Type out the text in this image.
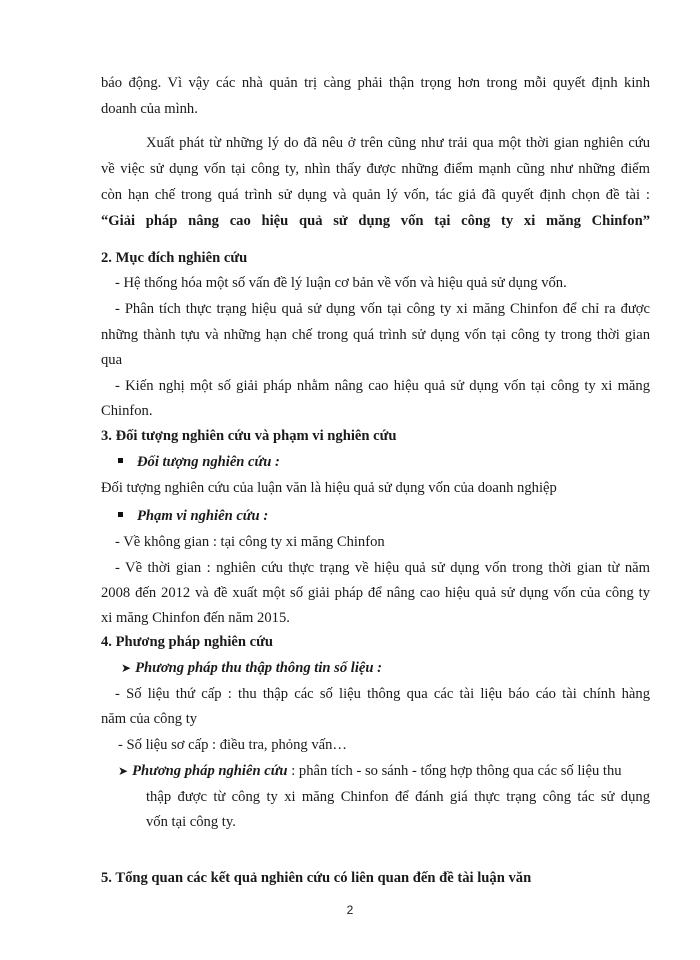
báo động. Vì vậy các nhà quản trị càng phải thận trọng hơn trong mỗi quyết định kinh
doanh của mình.
Xuất phát từ những lý do đã nêu ở trên cũng như trải qua một thời gian nghiên cứu
về việc sử dụng vốn tại công ty, nhìn thấy được những điểm mạnh cũng như những điểm
còn hạn chế trong quá trình sử dụng và quản lý vốn, tác giả đã quyết định chọn đề tài :
“Giải pháp nâng cao hiệu quả sử dụng vốn tại công ty xi măng Chinfon”
2. Mục đích nghiên cứu
- Hệ thống hóa một số vấn đề lý luận cơ bản về vốn và hiệu quả sử dụng vốn.
- Phân tích thực trạng hiệu quả sử dụng vốn tại công ty xi măng Chinfon để chỉ ra được
những thành tựu và những hạn chế trong quá trình sử dụng vốn tại công ty trong thời gian
qua
- Kiến nghị một số giải pháp nhằm nâng cao hiệu quả sử dụng vốn tại công ty xi măng
Chinfon.
3. Đối tượng nghiên cứu và phạm vi nghiên cứu
Đối tượng nghiên cứu :
Đối tượng nghiên cứu của luận văn là hiệu quả sử dụng vốn của doanh nghiệp
Phạm vi nghiên cứu :
- Về không gian : tại công ty xi măng Chinfon
- Về thời gian : nghiên cứu thực trạng về hiệu quả sử dụng vốn trong thời gian từ năm
2008 đến 2012 và đề xuất một số giải pháp để nâng cao hiệu quả sử dụng vốn của công ty
xi măng Chinfon đến năm 2015.
4. Phương pháp nghiên cứu
➤ Phương pháp thu thập thông tin số liệu :
- Số liệu thứ cấp : thu thập các số liệu thông qua các tài liệu báo cáo tài chính hàng
năm của công ty
- Số liệu sơ cấp : điều tra, phỏng vấn…
➤ Phương pháp nghiên cứu : phân tích - so sánh - tổng hợp thông qua các số liệu thu
thập được từ công ty xi măng Chinfon để đánh giá thực trạng công tác sử dụng
vốn tại công ty.
5. Tổng quan các kết quả nghiên cứu có liên quan đến đề tài luận văn
2
